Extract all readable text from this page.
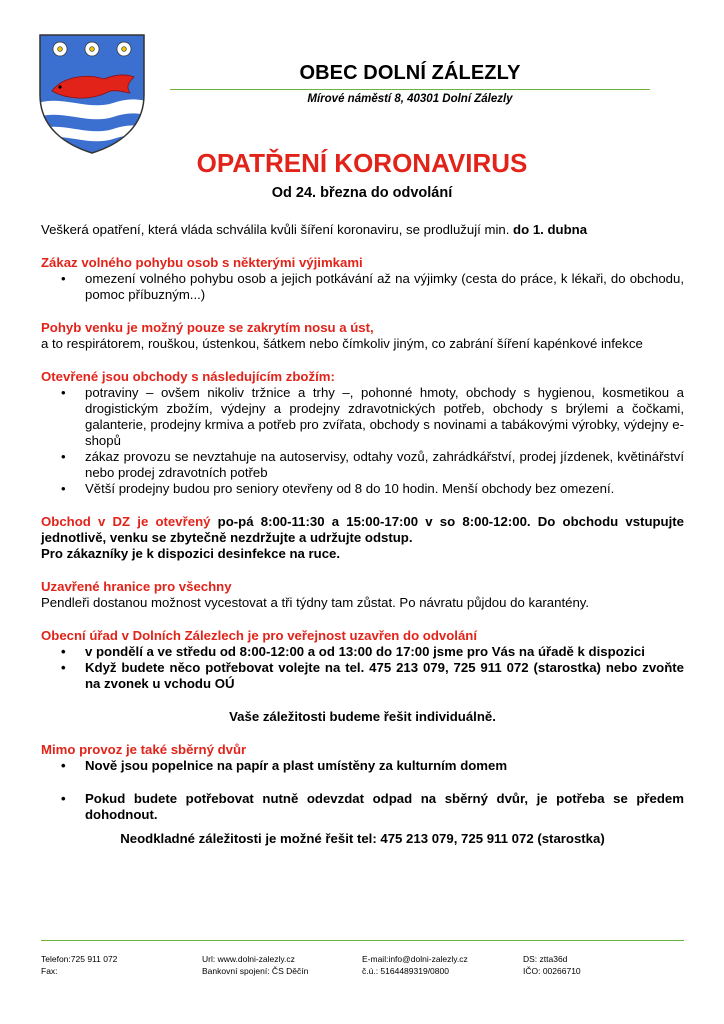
OBEC DOLNÍ ZÁLEZLY
Mírové náměstí 8, 40301 Dolní Zálezly
OPATŘENÍ KORONAVIRUS
Od 24. března do odvolání

Veškerá opatření, která vláda schválila kvůli šíření koronaviru, se prodlužují min. do 1. dubna

Zákaz volného pohybu osob s některými výjimkami

• omezení volného pohybu osob a jejich potkávání až na výjimky (cesta do práce, k lékaři, do obchodu, pomoc příbuzným...)

Pohyb venku je možný pouze se zakrytím nosu a úst,

a to respirátorem, rouškou, ústenkou, šátkem nebo čímkoliv jiným, co zabrání šíření kapénkové infekce

Otevřené jsou obchody s následujícím zbožím:

• potraviny – ovšem nikoliv tržnice a trhy –, pohonné hmoty, obchody s hygienou, kosmetikou a drogistickým zbožím, výdejny a prodejny zdravotnických potřeb, obchody s brýlemi a čočkami, galanterie, prodejny krmiva a potřeb pro zvířata, obchody s novinami a tabákovými výrobky, výdejny e-shopů
• zákaz provozu se nevztahuje na autoservisy, odtahy vozů, zahrádkářství, prodej jízdenek, květinářství nebo prodej zdravotních potřeb
• Větší prodejny budou pro seniory otevřeny od 8 do 10 hodin. Menší obchody bez omezení.

Obchod v DZ je otevřený po-pá 8:00-11:30 a 15:00-17:00 v so 8:00-12:00. Do obchodu vstupujte jednotlivě, venku se zbytečně nezdržujte a udržujte odstup.

Pro zákazníky je k dispozici desinfekce na ruce.

Uzavřené hranice pro všechny

Pendleři dostanou možnost vycestovat a tři týdny tam zůstat. Po návratu půjdou do karantény.

Obecní úřad v Dolních Zálezlech je pro veřejnost uzavřen do odvolání

• v pondělí a ve středu od 8:00-12:00 a od 13:00 do 17:00 jsme pro Vás na úřadě k dispozici
• Když budete něco potřebovat volejte na tel. 475 213 079, 725 911 072 (starostka) nebo zvoňte na zvonek u vchodu OÚ

Vaše záležitosti budeme řešit individuálně.

Mimo provoz je také sběrný dvůr

• Nově jsou popelnice na papír a plast umístěny za kulturním domem
• Pokud budete potřebovat nutně odevzdat odpad na sběrný dvůr, je potřeba se předem dohodnout.

Neodkladné záležitosti je možné řešit tel: 475 213 079, 725 911 072 (starostka)

Telefon:725 911 072
Fax:
Url: www.dolni-zalezly.cz
Bankovní spojení: ČS Děčín
E-mail:info@dolni-zalezly.cz
č.ú.: 5164489319/0800
DS: ztta36d
IČO: 00266710
